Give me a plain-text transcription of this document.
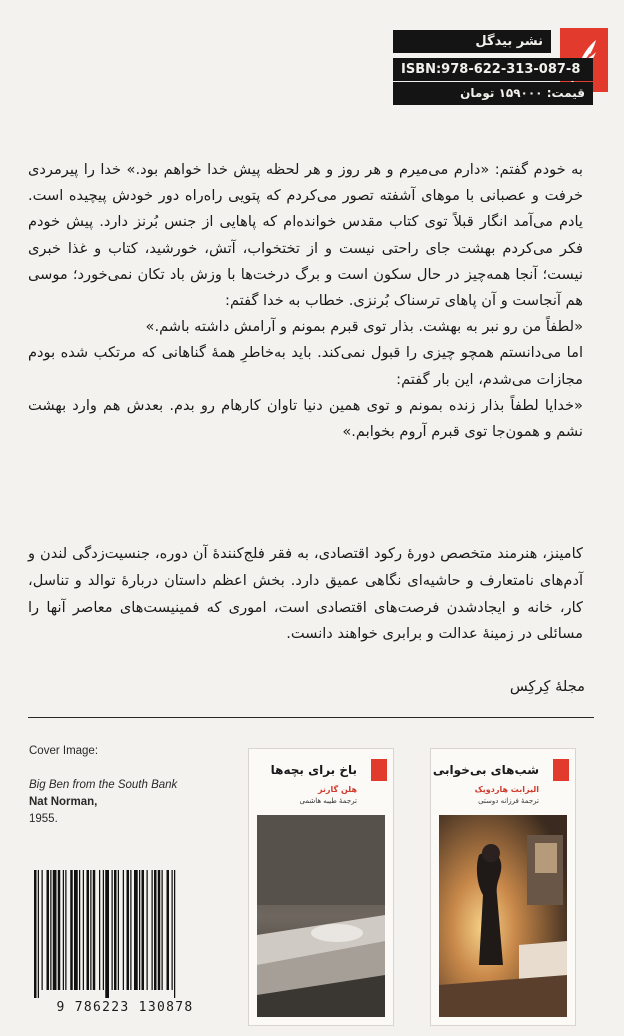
نشر بیدگل
ISBN:978-622-313-087-8
قیمت: ۱۵۹۰۰۰ تومان

به خودم گفتم: «دارم می‌میرم و هر روز و هر لحظه پیش خدا خواهم بود.» خدا را پیرمردی خرفت و عصبانی با موهای آشفته تصور می‌کردم که پتویی راه‌راه دور خودش پیچیده است. یادم می‌آمد انگار قبلاً توی کتاب مقدس خوانده‌ام که پاهایی از جنس بُرنز دارد. پیش خودم فکر می‌کردم بهشت جای راحتی نیست و از تختخواب، آتش، خورشید، کتاب و غذا خبری نیست؛ آنجا همه‌چیز در حال سکون است و برگ درخت‌ها با وزش باد تکان نمی‌خورد؛ موسی هم آنجاست و آن پاهای ترسناک بُرنزی. خطاب به خدا گفتم:

«لطفاً من رو نبر به بهشت. بذار توی قبرم بمونم و آرامش داشته باشم.»

اما می‌دانستم همچو چیزی را قبول نمی‌کند. باید به‌خاطرِ همهٔ گناهانی که مرتکب شده بودم مجازات می‌شدم، این بار گفتم:

«خدایا لطفاً بذار زنده بمونم و توی همین دنیا تاوان کارهام رو بدم. بعدش هم وارد بهشت نشم و همون‌جا توی قبرم آروم بخوابم.»

کامینز، هنرمند متخصص دورهٔ رکود اقتصادی، به فقر فلج‌کنندهٔ آن دوره، جنسیت‌زدگی لندن و آدم‌های نامتعارف و حاشیه‌ای نگاهی عمیق دارد. بخش اعظم داستان دربارهٔ توالد و تناسل، کار، خانه و ایجادشدن فرصت‌های اقتصادی است، اموری که فمینیست‌های معاصر آنها را مسائلی در زمینهٔ عدالت و برابری خواهند دانست.

مجلهٔ کِرکِس
Cover Image:
Big Ben from the South Bank
Nat Norman,
1955.
9 786223 130878
باخ برای بچه‌ها
هلن گارنر
ترجمهٔ طیبه هاشمی
شب‌های بی‌خوابی
الیزابت هاردویک
ترجمهٔ فرزانه دوستی
